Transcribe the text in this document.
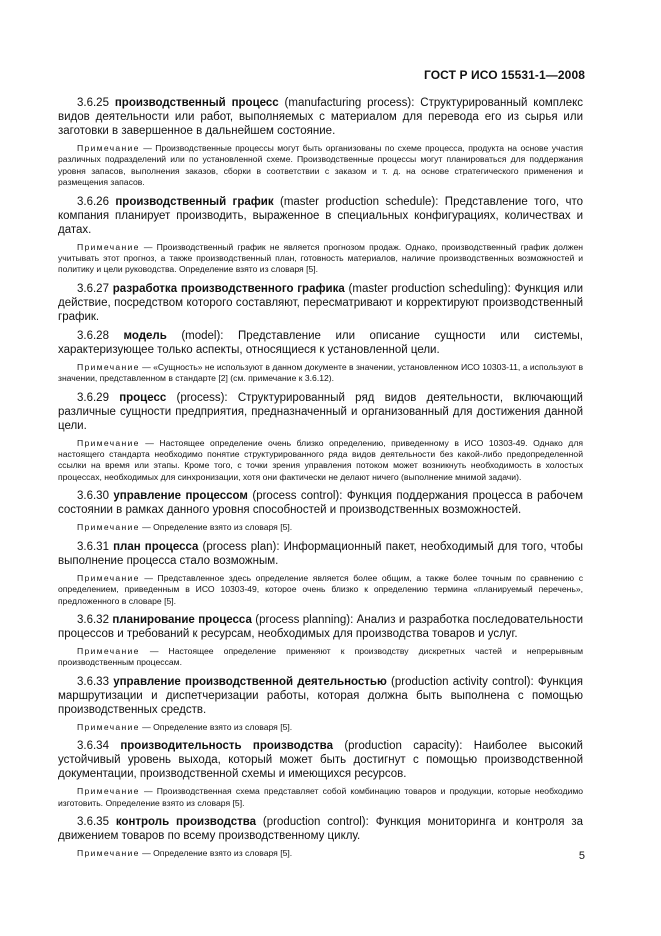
ГОСТ Р ИСО 15531-1—2008

3.6.25 производственный процесс (manufacturing process): Структурированный комплекс видов деятельности или работ, выполняемых с материалом для перевода его из сырья или заготовки в завершенное в дальнейшем состояние.

Примечание — Производственные процессы могут быть организованы по схеме процесса, продукта на основе участия различных подразделений или по установленной схеме. Производственные процессы могут планироваться для поддержания уровня запасов, выполнения заказов, сборки в соответствии с заказом и т. д. на основе стратегического применения и размещения запасов.

3.6.26 производственный график (master production schedule): Представление того, что компания планирует производить, выраженное в специальных конфигурациях, количествах и датах.

Примечание — Производственный график не является прогнозом продаж. Однако, производственный график должен учитывать этот прогноз, а также производственный план, готовность материалов, наличие производственных возможностей и политику и цели руководства. Определение взято из словаря [5].

3.6.27 разработка производственного графика (master production scheduling): Функция или действие, посредством которого составляют, пересматривают и корректируют производственный график.

3.6.28 модель (model): Представление или описание сущности или системы, характеризующее только аспекты, относящиеся к установленной цели.

Примечание — «Сущность» не используют в данном документе в значении, установленном ИСО 10303-11, а используют в значении, представленном в стандарте [2] (см. примечание к 3.6.12).

3.6.29 процесс (process): Структурированный ряд видов деятельности, включающий различные сущности предприятия, предназначенный и организованный для достижения данной цели.

Примечание — Настоящее определение очень близко определению, приведенному в ИСО 10303-49. Однако для настоящего стандарта необходимо понятие структурированного ряда видов деятельности без какой-либо предопределенной ссылки на время или этапы. Кроме того, с точки зрения управления потоком может возникнуть необходимость в холостых процессах, необходимых для синхронизации, хотя они фактически не делают ничего (выполнение мнимой задачи).

3.6.30 управление процессом (process control): Функция поддержания процесса в рабочем состоянии в рамках данного уровня способностей и производственных возможностей.

Примечание — Определение взято из словаря [5].

3.6.31 план процесса (process plan): Информационный пакет, необходимый для того, чтобы выполнение процесса стало возможным.

Примечание — Представленное здесь определение является более общим, а также более точным по сравнению с определением, приведенным в ИСО 10303-49, которое очень близко к определению термина «планируемый перечень», предложенного в словаре [5].

3.6.32 планирование процесса (process planning): Анализ и разработка последовательности процессов и требований к ресурсам, необходимых для производства товаров и услуг.

Примечание — Настоящее определение применяют к производству дискретных частей и непрерывным производственным процессам.

3.6.33 управление производственной деятельностью (production activity control): Функция маршрутизации и диспетчеризации работы, которая должна быть выполнена с помощью производственных средств.

Примечание — Определение взято из словаря [5].

3.6.34 производительность производства (production capacity): Наиболее высокий устойчивый уровень выхода, который может быть достигнут с помощью производственной документации, производственной схемы и имеющихся ресурсов.

Примечание — Производственная схема представляет собой комбинацию товаров и продукции, которые необходимо изготовить. Определение взято из словаря [5].

3.6.35 контроль производства (production control): Функция мониторинга и контроля за движением товаров по всему производственному циклу.

Примечание — Определение взято из словаря [5].	5
